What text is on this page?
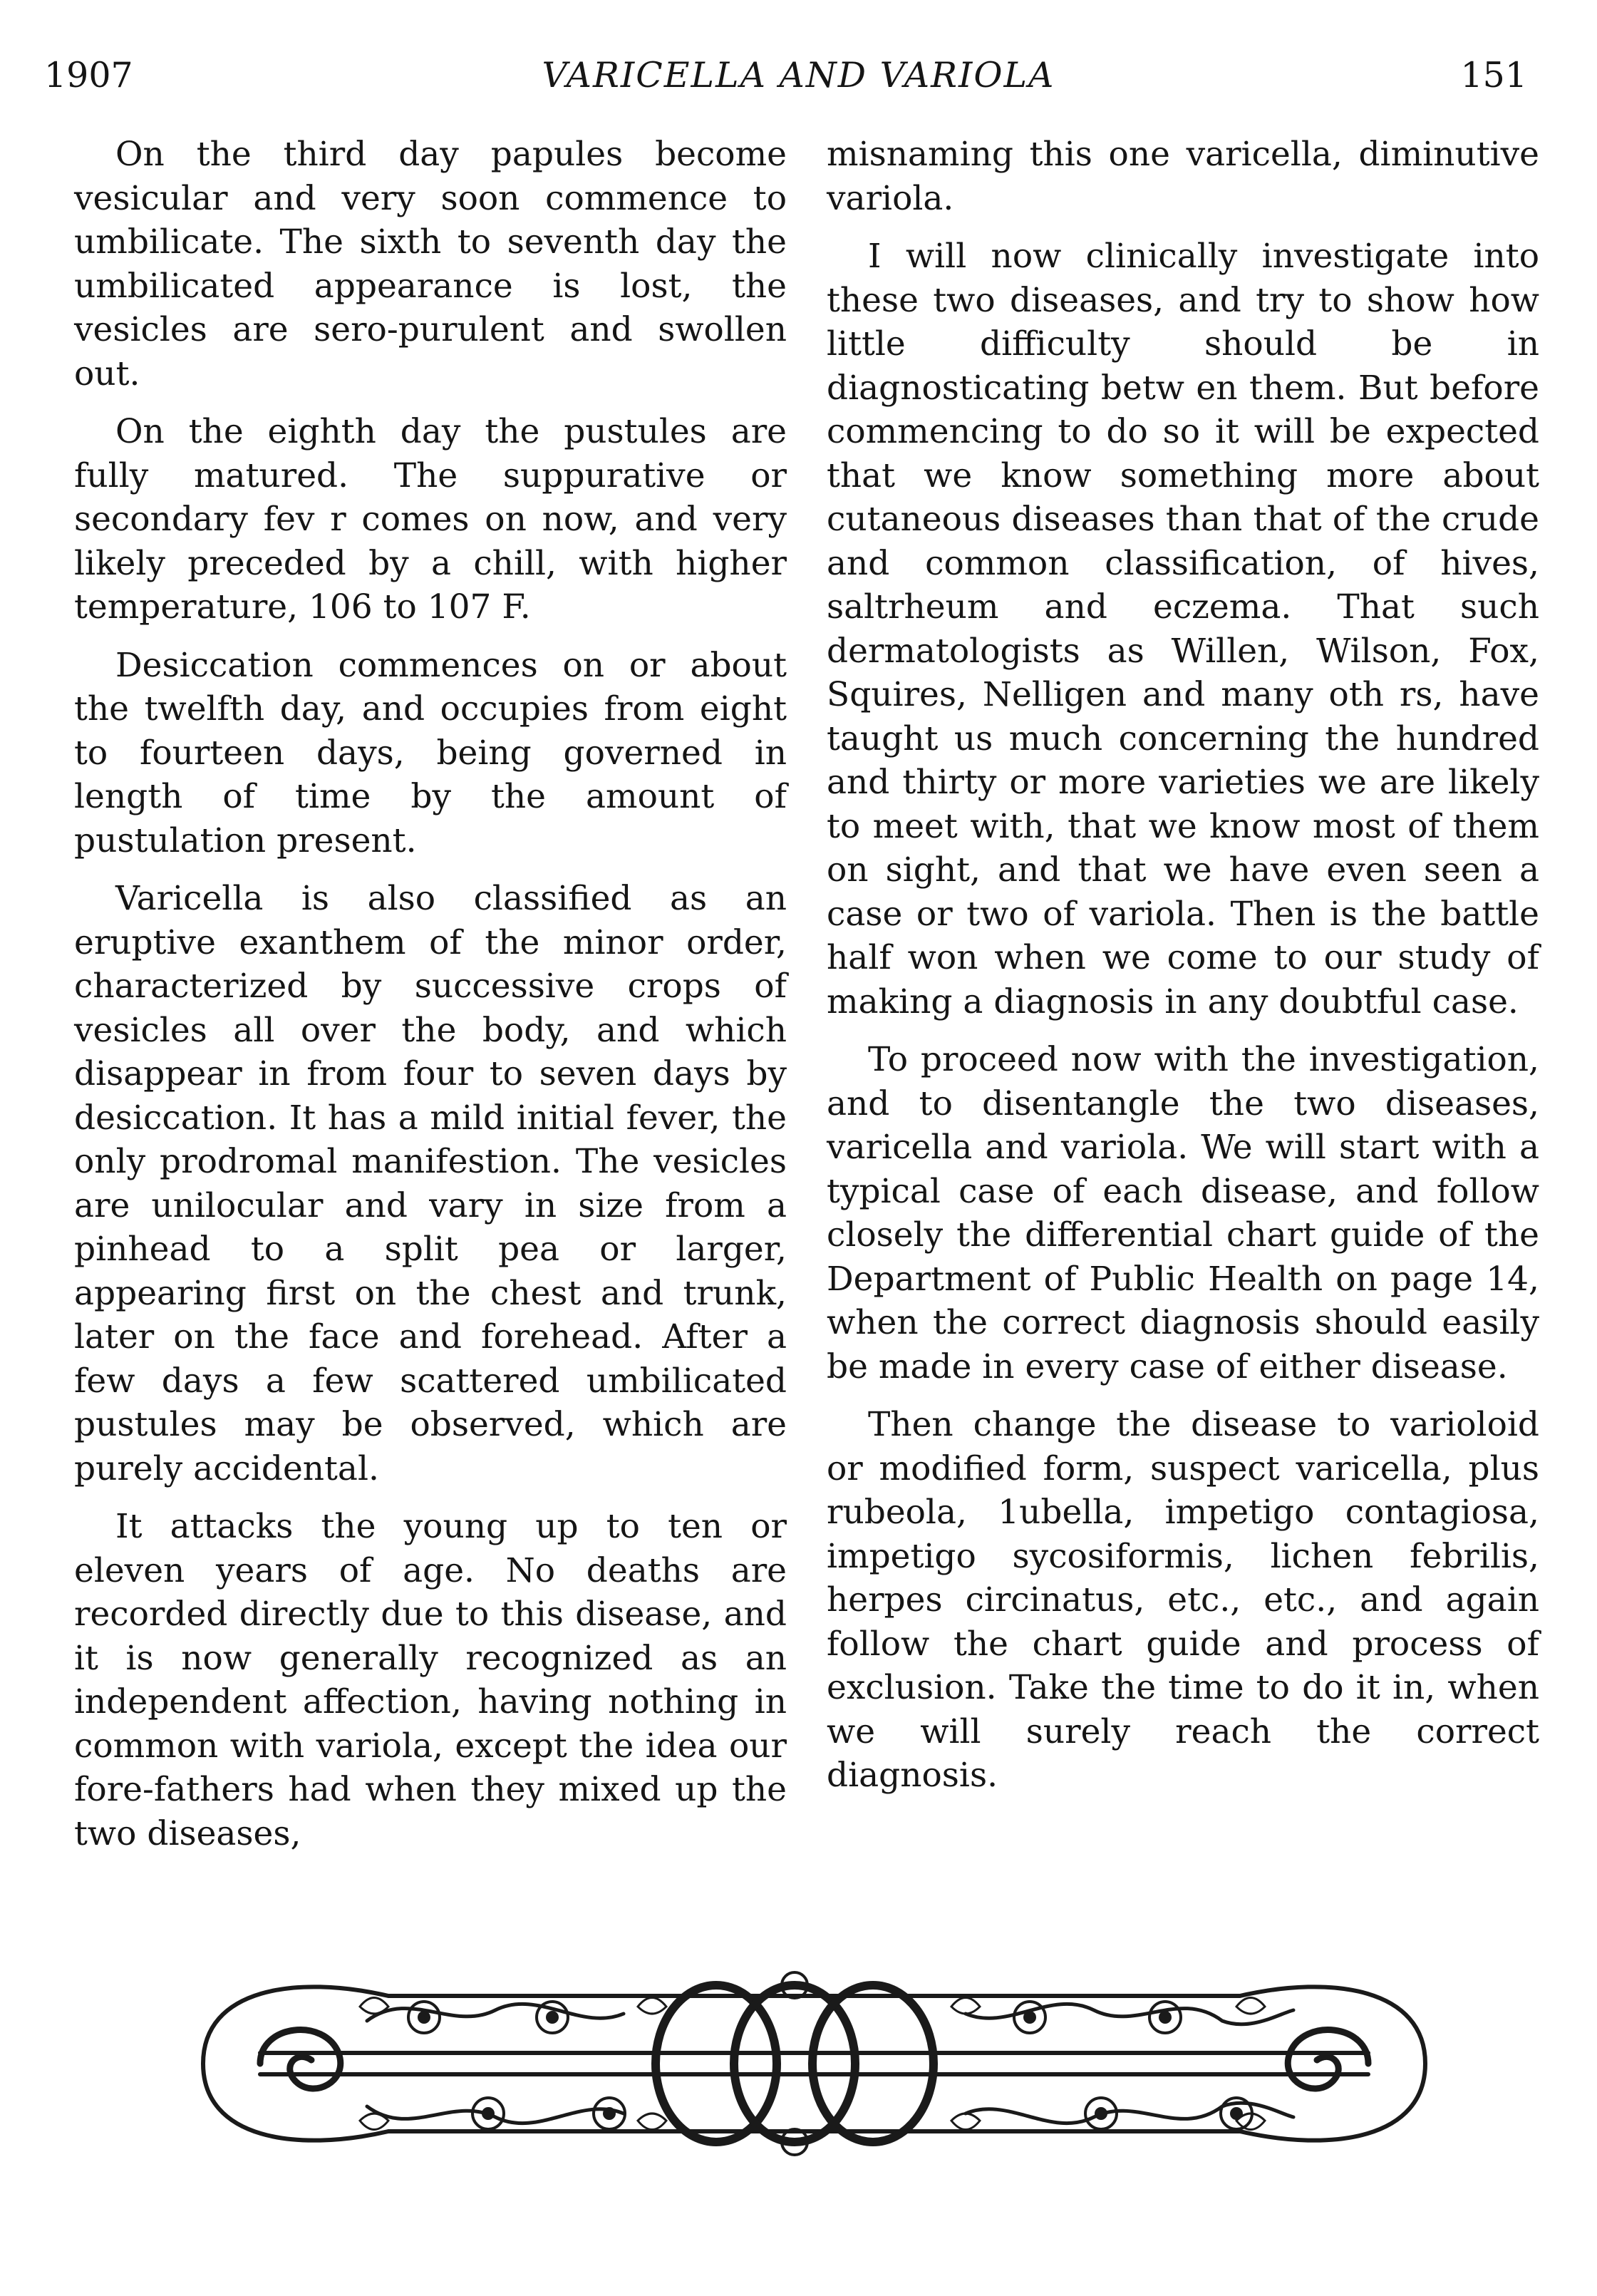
1907	VARICELLA AND VARIOLA	151

On the third day papules become vesicular and very soon commence to umbilicate. The sixth to seventh day the umbilicated appearance is lost, the vesicles are sero-purulent and swollen out.

On the eighth day the pustules are fully matured. The suppurative or secondary fev r comes on now, and very likely preceded by a chill, with higher temperature, 106 to 107 F.

Desiccation commences on or about the twelfth day, and occupies from eight to fourteen days, being governed in length of time by the amount of pustulation present.

Varicella is also classified as an eruptive exanthem of the minor order, characterized by successive crops of vesicles all over the body, and which disappear in from four to seven days by desiccation. It has a mild initial fever, the only prodromal manifestion. The vesicles are unilocular and vary in size from a pinhead to a split pea or larger, appearing first on the chest and trunk, later on the face and forehead. After a few days a few scattered umbilicated pustules may be observed, which are purely accidental.

It attacks the young up to ten or eleven years of age. No deaths are recorded directly due to this disease, and it is now generally recognized as an independent affection, having nothing in common with variola, except the idea our fore-fathers had when they mixed up the two diseases,

misnaming this one varicella, diminutive variola.

I will now clinically investigate into these two diseases, and try to show how little difficulty should be in diagnosticating betw en them. But before commencing to do so it will be expected that we know something more about cutaneous diseases than that of the crude and common classification, of hives, saltrheum and eczema. That such dermatologists as Willen, Wilson, Fox, Squires, Nelligen and many oth rs, have taught us much concerning the hundred and thirty or more varieties we are likely to meet with, that we know most of them on sight, and that we have even seen a case or two of variola. Then is the battle half won when we come to our study of making a diagnosis in any doubtful case.

To proceed now with the investigation, and to disentangle the two diseases, varicella and variola. We will start with a typical case of each disease, and follow closely the differential chart guide of the Department of Public Health on page 14, when the correct diagnosis should easily be made in every case of either disease.

Then change the disease to varioloid or modified form, suspect varicella, plus rubeola, 1ubella, impetigo contagiosa, impetigo sycosiformis, lichen febrilis, herpes circinatus, etc., etc., and again follow the chart guide and process of exclusion. Take the time to do it in, when we will surely reach the correct diagnosis.
